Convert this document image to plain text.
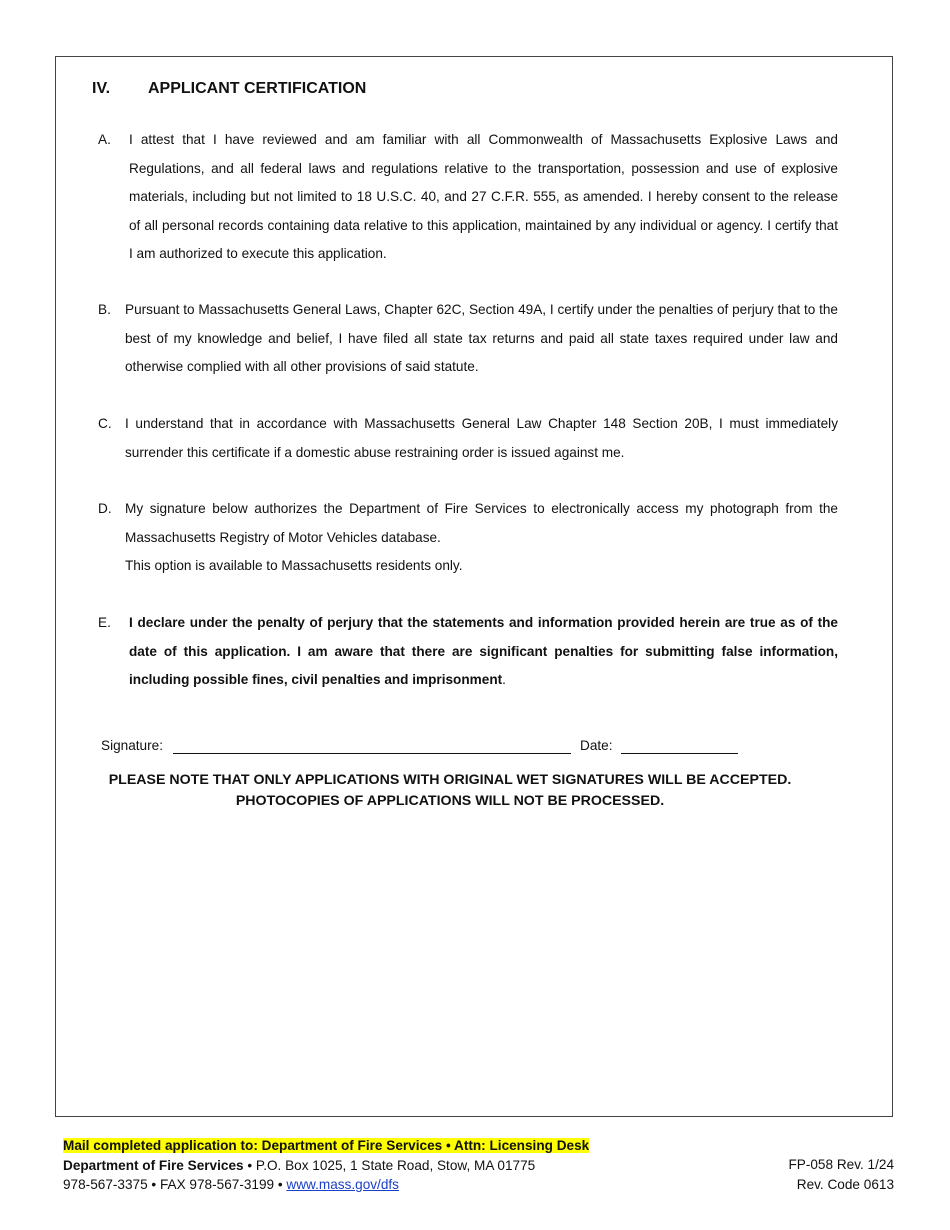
IV. APPLICANT CERTIFICATION
A. I attest that I have reviewed and am familiar with all Commonwealth of Massachusetts Explosive Laws and Regulations, and all federal laws and regulations relative to the transportation, possession and use of explosive materials, including but not limited to 18 U.S.C. 40, and 27 C.F.R. 555, as amended. I hereby consent to the release of all personal records containing data relative to this application, maintained by any individual or agency. I certify that I am authorized to execute this application.
B. Pursuant to Massachusetts General Laws, Chapter 62C, Section 49A, I certify under the penalties of perjury that to the best of my knowledge and belief, I have filed all state tax returns and paid all state taxes required under law and otherwise complied with all other provisions of said statute.
C. I understand that in accordance with Massachusetts General Law Chapter 148 Section 20B, I must immediately surrender this certificate if a domestic abuse restraining order is issued against me.
D. My signature below authorizes the Department of Fire Services to electronically access my photograph from the Massachusetts Registry of Motor Vehicles database.
This option is available to Massachusetts residents only.
E. I declare under the penalty of perjury that the statements and information provided herein are true as of the date of this application. I am aware that there are significant penalties for submitting false information, including possible fines, civil penalties and imprisonment.
Signature:	Date:
PLEASE NOTE THAT ONLY APPLICATIONS WITH ORIGINAL WET SIGNATURES WILL BE ACCEPTED.
PHOTOCOPIES OF APPLICATIONS WILL NOT BE PROCESSED.
Mail completed application to: Department of Fire Services • Attn: Licensing Desk
Department of Fire Services • P.O. Box 1025, 1 State Road, Stow, MA 01775
978-567-3375 • FAX 978-567-3199 • www.mass.gov/dfs
FP-058 Rev. 1/24
Rev. Code 0613
